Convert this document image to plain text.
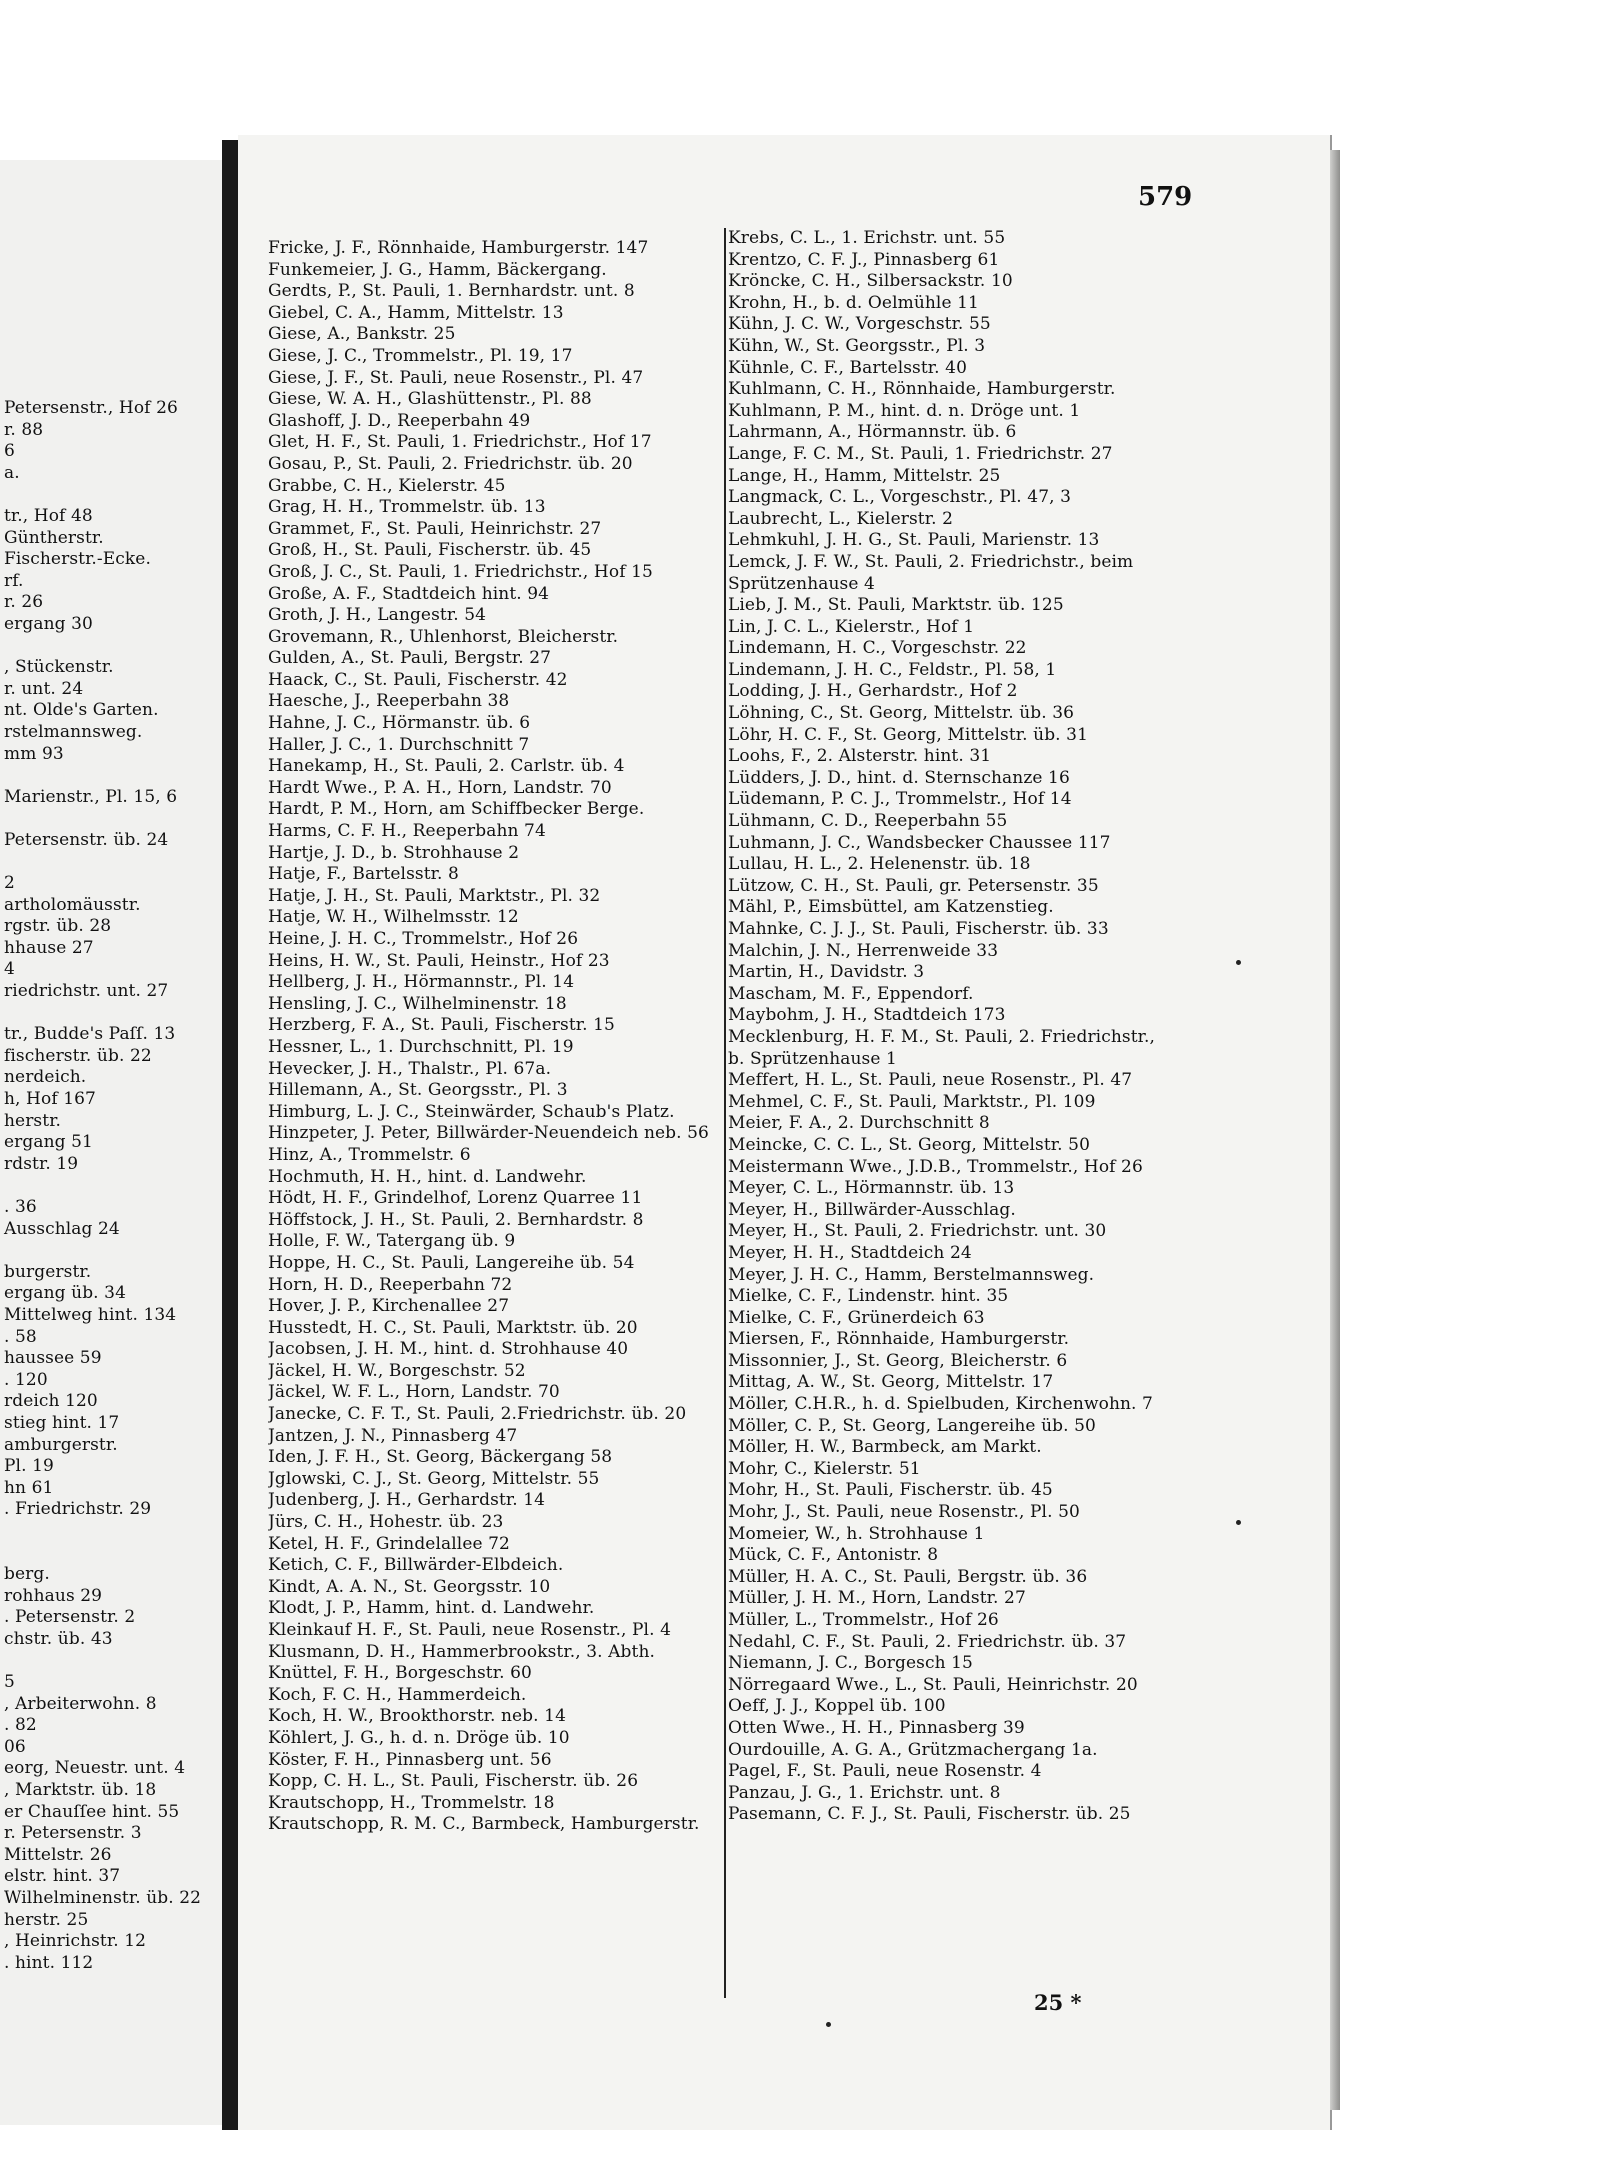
Petersenstr., Hof 26
r. 88
6
a.
tr., Hof 48
Güntherstr.
Fischerstr.-Ecke.
rf.
r. 26
ergang 30
, Stückenstr.
r. unt. 24
nt. Olde's Garten.
rstelmannsweg.
mm 93
Marienstr., Pl. 15, 6
Petersenstr. üb. 24
2
artholomäusstr.
rgstr. üb. 28
hhause 27
4
riedrichstr. unt. 27
tr., Budde's Paſſ. 13
fischerstr. üb. 22
nerdeich.
h, Hof 167
herstr.
ergang 51
rdstr. 19
. 36
Ausschlag 24
burgerstr.
ergang üb. 34
Mittelweg hint. 134
. 58
haussee 59
. 120
rdeich 120
stieg hint. 17
amburgerstr.
Pl. 19
hn 61
. Friedrichstr. 29
berg.
rohhaus 29
. Petersenstr. 2
chstr. üb. 43
5
, Arbeiterwohn. 8
. 82
06
eorg, Neuestr. unt. 4
, Marktstr. üb. 18
er Chauſſee hint. 55
r. Petersenstr. 3
Mittelstr. 26
elstr. hint. 37
Wilhelminenstr. üb. 22
herstr. 25
, Heinrichstr. 12
. hint. 112
579
Fricke, J. F., Rönnhaide, Hamburgerstr. 147
Funkemeier, J. G., Hamm, Bäckergang.
Gerdts, P., St. Pauli, 1. Bernhardstr. unt. 8
Giebel, C. A., Hamm, Mittelstr. 13
Giese, A., Bankstr. 25
Giese, J. C., Trommelstr., Pl. 19, 17
Giese, J. F., St. Pauli, neue Rosenstr., Pl. 47
Giese, W. A. H., Glashüttenstr., Pl. 88
Glashoff, J. D., Reeperbahn 49
Glet, H. F., St. Pauli, 1. Friedrichstr., Hof 17
Gosau, P., St. Pauli, 2. Friedrichstr. üb. 20
Grabbe, C. H., Kielerstr. 45
Grag, H. H., Trommelstr. üb. 13
Grammet, F., St. Pauli, Heinrichstr. 27
Groß, H., St. Pauli, Fischerstr. üb. 45
Groß, J. C., St. Pauli, 1. Friedrichstr., Hof 15
Große, A. F., Stadtdeich hint. 94
Groth, J. H., Langestr. 54
Grovemann, R., Uhlenhorst, Bleicherstr.
Gulden, A., St. Pauli, Bergstr. 27
Haack, C., St. Pauli, Fischerstr. 42
Haesche, J., Reeperbahn 38
Hahne, J. C., Hörmanstr. üb. 6
Haller, J. C., 1. Durchschnitt 7
Hanekamp, H., St. Pauli, 2. Carlstr. üb. 4
Hardt Wwe., P. A. H., Horn, Landstr. 70
Hardt, P. M., Horn, am Schiffbecker Berge.
Harms, C. F. H., Reeperbahn 74
Hartje, J. D., b. Strohhause 2
Hatje, F., Bartelsstr. 8
Hatje, J. H., St. Pauli, Marktstr., Pl. 32
Hatje, W. H., Wilhelmsstr. 12
Heine, J. H. C., Trommelstr., Hof 26
Heins, H. W., St. Pauli, Heinstr., Hof 23
Hellberg, J. H., Hörmannstr., Pl. 14
Hensling, J. C., Wilhelminenstr. 18
Herzberg, F. A., St. Pauli, Fischerstr. 15
Hessner, L., 1. Durchschnitt, Pl. 19
Hevecker, J. H., Thalstr., Pl. 67a.
Hillemann, A., St. Georgsstr., Pl. 3
Himburg, L. J. C., Steinwärder, Schaub's Platz.
Hinzpeter, J. Peter, Billwärder-Neuendeich neb. 56
Hinz, A., Trommelstr. 6
Hochmuth, H. H., hint. d. Landwehr.
Hödt, H. F., Grindelhof, Lorenz Quarree 11
Höffstock, J. H., St. Pauli, 2. Bernhardstr. 8
Holle, F. W., Tatergang üb. 9
Hoppe, H. C., St. Pauli, Langereihe üb. 54
Horn, H. D., Reeperbahn 72
Hover, J. P., Kirchenallee 27
Husstedt, H. C., St. Pauli, Marktstr. üb. 20
Jacobsen, J. H. M., hint. d. Strohhause 40
Jäckel, H. W., Borgeschstr. 52
Jäckel, W. F. L., Horn, Landstr. 70
Janecke, C. F. T., St. Pauli, 2.Friedrichstr. üb. 20
Jantzen, J. N., Pinnasberg 47
Iden, J. F. H., St. Georg, Bäckergang 58
Jglowski, C. J., St. Georg, Mittelstr. 55
Judenberg, J. H., Gerhardstr. 14
Jürs, C. H., Hohestr. üb. 23
Ketel, H. F., Grindelallee 72
Ketich, C. F., Billwärder-Elbdeich.
Kindt, A. A. N., St. Georgsstr. 10
Klodt, J. P., Hamm, hint. d. Landwehr.
Kleinkauf H. F., St. Pauli, neue Rosenstr., Pl. 4
Klusmann, D. H., Hammerbrookstr., 3. Abth.
Knüttel, F. H., Borgeschstr. 60
Koch, F. C. H., Hammerdeich.
Koch, H. W., Brookthorstr. neb. 14
Köhlert, J. G., h. d. n. Dröge üb. 10
Köster, F. H., Pinnasberg unt. 56
Kopp, C. H. L., St. Pauli, Fischerstr. üb. 26
Krautschopp, H., Trommelstr. 18
Krautschopp, R. M. C., Barmbeck, Hamburgerstr.
Krebs, C. L., 1. Erichstr. unt. 55
Krentzo, C. F. J., Pinnasberg 61
Kröncke, C. H., Silbersackstr. 10
Krohn, H., b. d. Oelmühle 11
Kühn, J. C. W., Vorgeschstr. 55
Kühn, W., St. Georgsstr., Pl. 3
Kühnle, C. F., Bartelsstr. 40
Kuhlmann, C. H., Rönnhaide, Hamburgerstr.
Kuhlmann, P. M., hint. d. n. Dröge unt. 1
Lahrmann, A., Hörmannstr. üb. 6
Lange, F. C. M., St. Pauli, 1. Friedrichstr. 27
Lange, H., Hamm, Mittelstr. 25
Langmack, C. L., Vorgeschstr., Pl. 47, 3
Laubrecht, L., Kielerstr. 2
Lehmkuhl, J. H. G., St. Pauli, Marienstr. 13
Lemck, J. F. W., St. Pauli, 2. Friedrichstr., beim
Sprützenhause 4
Lieb, J. M., St. Pauli, Marktstr. üb. 125
Lin, J. C. L., Kielerstr., Hof 1
Lindemann, H. C., Vorgeschstr. 22
Lindemann, J. H. C., Feldstr., Pl. 58, 1
Lodding, J. H., Gerhardstr., Hof 2
Löhning, C., St. Georg, Mittelstr. üb. 36
Löhr, H. C. F., St. Georg, Mittelstr. üb. 31
Loohs, F., 2. Alsterstr. hint. 31
Lüdders, J. D., hint. d. Sternschanze 16
Lüdemann, P. C. J., Trommelstr., Hof 14
Lühmann, C. D., Reeperbahn 55
Luhmann, J. C., Wandsbecker Chaussee 117
Lullau, H. L., 2. Helenenstr. üb. 18
Lützow, C. H., St. Pauli, gr. Petersenstr. 35
Mähl, P., Eimsbüttel, am Katzenstieg.
Mahnke, C. J. J., St. Pauli, Fischerstr. üb. 33
Malchin, J. N., Herrenweide 33
Martin, H., Davidstr. 3
Mascham, M. F., Eppendorf.
Maybohm, J. H., Stadtdeich 173
Mecklenburg, H. F. M., St. Pauli, 2. Friedrichstr.,
b. Sprützenhause 1
Meffert, H. L., St. Pauli, neue Rosenstr., Pl. 47
Mehmel, C. F., St. Pauli, Marktstr., Pl. 109
Meier, F. A., 2. Durchschnitt 8
Meincke, C. C. L., St. Georg, Mittelstr. 50
Meistermann Wwe., J.D.B., Trommelstr., Hof 26
Meyer, C. L., Hörmannstr. üb. 13
Meyer, H., Billwärder-Ausschlag.
Meyer, H., St. Pauli, 2. Friedrichstr. unt. 30
Meyer, H. H., Stadtdeich 24
Meyer, J. H. C., Hamm, Berstelmannsweg.
Mielke, C. F., Lindenstr. hint. 35
Mielke, C. F., Grünerdeich 63
Miersen, F., Rönnhaide, Hamburgerstr.
Missonnier, J., St. Georg, Bleicherstr. 6
Mittag, A. W., St. Georg, Mittelstr. 17
Möller, C.H.R., h. d. Spielbuden, Kirchenwohn. 7
Möller, C. P., St. Georg, Langereihe üb. 50
Möller, H. W., Barmbeck, am Markt.
Mohr, C., Kielerstr. 51
Mohr, H., St. Pauli, Fischerstr. üb. 45
Mohr, J., St. Pauli, neue Rosenstr., Pl. 50
Momeier, W., h. Strohhause 1
Mück, C. F., Antonistr. 8
Müller, H. A. C., St. Pauli, Bergstr. üb. 36
Müller, J. H. M., Horn, Landstr. 27
Müller, L., Trommelstr., Hof 26
Nedahl, C. F., St. Pauli, 2. Friedrichstr. üb. 37
Niemann, J. C., Borgesch 15
Nörregaard Wwe., L., St. Pauli, Heinrichstr. 20
Oeff, J. J., Koppel üb. 100
Otten Wwe., H. H., Pinnasberg 39
Ourdouille, A. G. A., Grützmachergang 1a.
Pagel, F., St. Pauli, neue Rosenstr. 4
Panzau, J. G., 1. Erichstr. unt. 8
Pasemann, C. F. J., St. Pauli, Fischerstr. üb. 25
25 *
